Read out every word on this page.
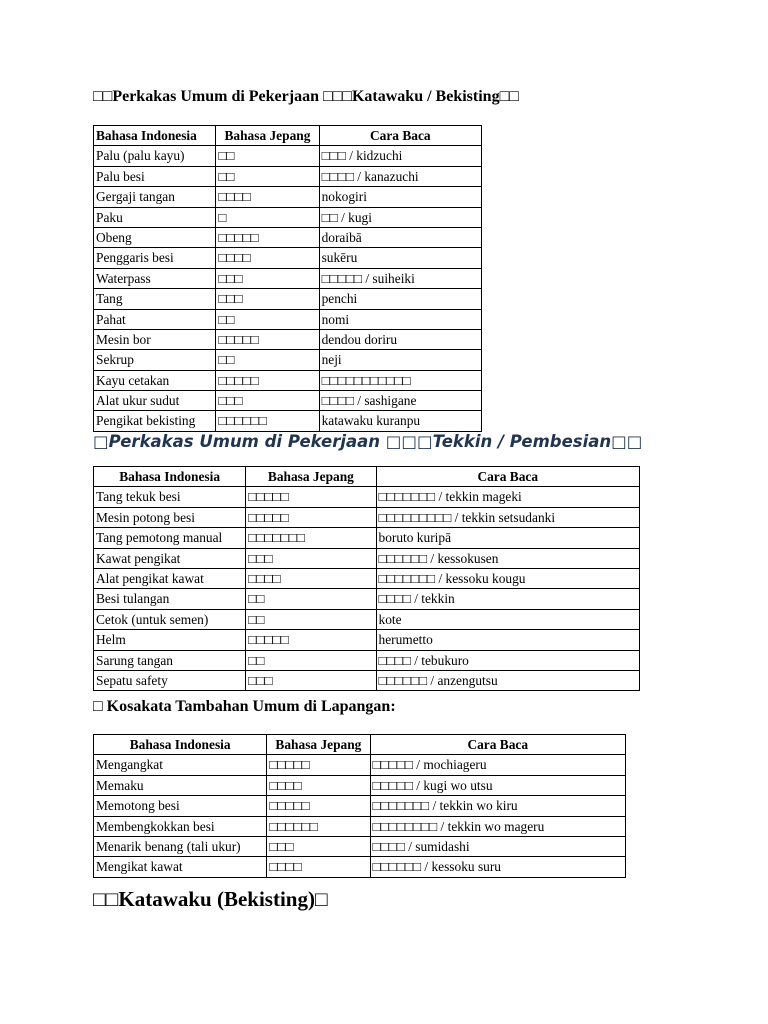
□□Perkakas Umum di Pekerjaan □□□Katawaku / Bekisting□□
Bahasa Indonesia	Bahasa Jepang	Cara Baca
Palu (palu kayu)	□□	□□□ / kidzuchi
Palu besi	□□	□□□□ / kanazuchi
Gergaji tangan	□□□□	nokogiri
Paku	□	□□ / kugi
Obeng	□□□□□	doraibā
Penggaris besi	□□□□	sukēru
Waterpass	□□□	□□□□□ / suiheiki
Tang	□□□	penchi
Pahat	□□	nomi
Mesin bor	□□□□□	dendou doriru
Sekrup	□□	neji
Kayu cetakan	□□□□□	□□□□□□□□□□□
Alat ukur sudut	□□□	□□□□ / sashigane
Pengikat bekisting	□□□□□□	katawaku kuranpu
□Perkakas Umum di Pekerjaan □□□Tekkin / Pembesian□□
Bahasa Indonesia	Bahasa Jepang	Cara Baca
Tang tekuk besi	□□□□□	□□□□□□□ / tekkin mageki
Mesin potong besi	□□□□□	□□□□□□□□□ / tekkin setsudanki
Tang pemotong manual	□□□□□□□	boruto kuripā
Kawat pengikat	□□□	□□□□□□ / kessokusen
Alat pengikat kawat	□□□□	□□□□□□□ / kessoku kougu
Besi tulangan	□□	□□□□ / tekkin
Cetok (untuk semen)	□□	kote
Helm	□□□□□	herumetto
Sarung tangan	□□	□□□□ / tebukuro
Sepatu safety	□□□	□□□□□□ / anzengutsu
□ Kosakata Tambahan Umum di Lapangan:
Bahasa Indonesia	Bahasa Jepang	Cara Baca
Mengangkat	□□□□□	□□□□□ / mochiageru
Memaku	□□□□	□□□□□ / kugi wo utsu
Memotong besi	□□□□□	□□□□□□□ / tekkin wo kiru
Membengkokkan besi	□□□□□□	□□□□□□□□ / tekkin wo mageru
Menarik benang (tali ukur)	□□□	□□□□ / sumidashi
Mengikat kawat	□□□□	□□□□□□ / kessoku suru
□□Katawaku (Bekisting)□
